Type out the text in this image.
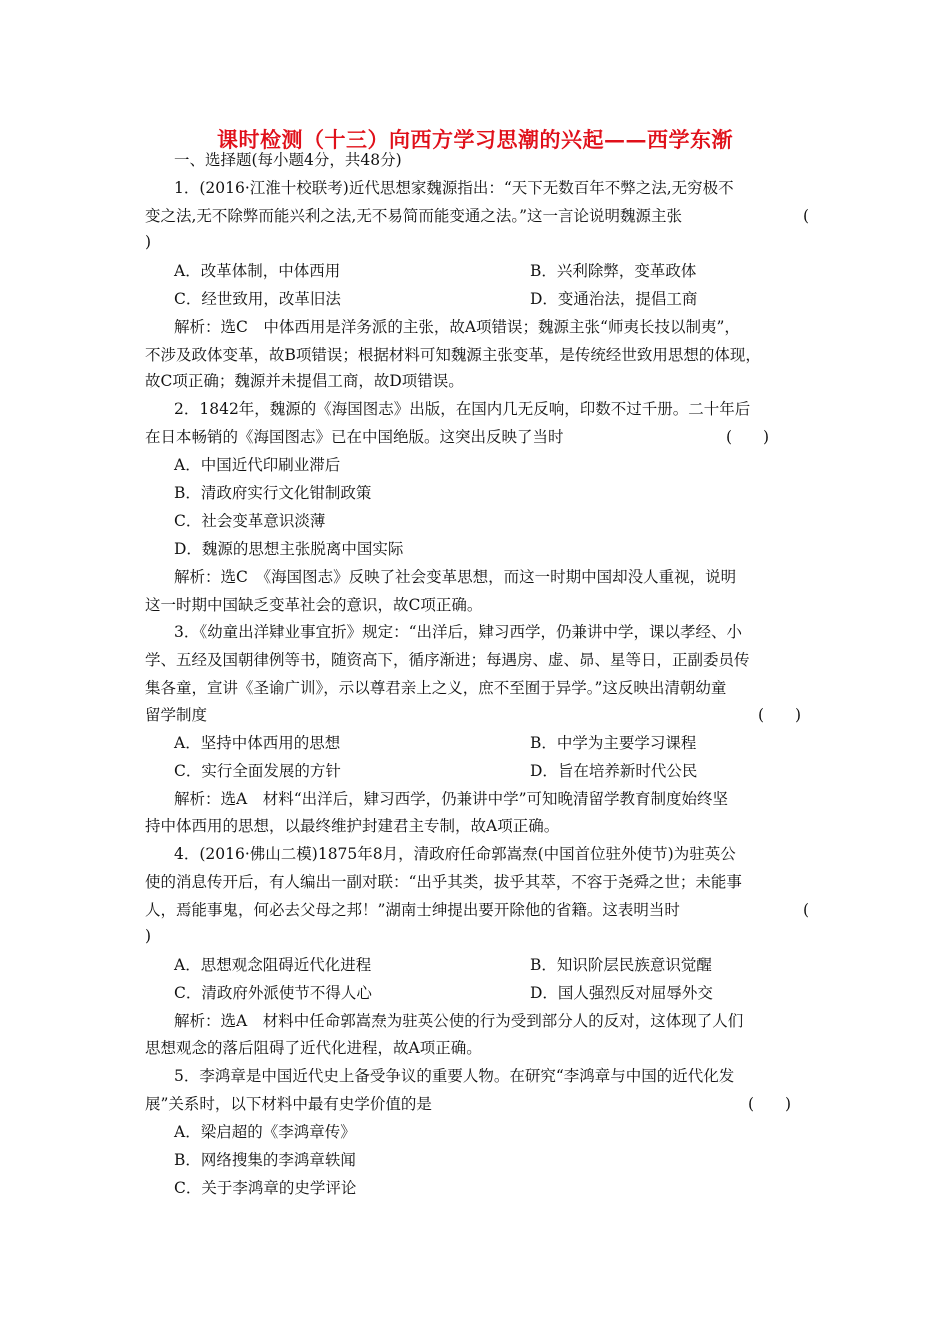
课时检测（十三）向西方学习思潮的兴起——西学东渐
一、选择题(每小题4分，共48分)
1．(2016·江淮十校联考)近代思想家魏源指出：“天下无数百年不弊之法,无穷极不
变之法,无不除弊而能兴利之法,无不易简而能变通之法。”这一言论说明魏源主张	(
)
A．改革体制，中体西用	B．兴利除弊，变革政体
C．经世致用，改革旧法	D．变通治法，提倡工商
解析：选C　中体西用是洋务派的主张，故A项错误；魏源主张“师夷长技以制夷”，
不涉及政体变革，故B项错误；根据材料可知魏源主张变革，是传统经世致用思想的体现，
故C项正确；魏源并未提倡工商，故D项错误。
2．1842年，魏源的《海国图志》出版，在国内几无反响，印数不过千册。二十年后
在日本畅销的《海国图志》已在中国绝版。这突出反映了当时	(　　)
A．中国近代印刷业滞后
B．清政府实行文化钳制政策
C．社会变革意识淡薄
D．魏源的思想主张脱离中国实际
解析：选C　《海国图志》反映了社会变革思想，而这一时期中国却没人重视，说明
这一时期中国缺乏变革社会的意识，故C项正确。
3．《幼童出洋肄业事宜折》规定：“出洋后，肄习西学，仍兼讲中学，课以孝经、小
学、五经及国朝律例等书，随资高下，循序渐进；每遇房、虚、昴、星等日，正副委员传
集各童，宣讲《圣谕广训》，示以尊君亲上之义，庶不至囿于异学。”这反映出清朝幼童
留学制度	(　　)
A．坚持中体西用的思想	B．中学为主要学习课程
C．实行全面发展的方针	D．旨在培养新时代公民
解析：选A　材料“出洋后，肄习西学，仍兼讲中学”可知晚清留学教育制度始终坚
持中体西用的思想，以最终维护封建君主专制，故A项正确。
4．(2016·佛山二模)1875年8月，清政府任命郭嵩焘(中国首位驻外使节)为驻英公
使的消息传开后，有人编出一副对联：“出乎其类，拔乎其萃，不容于尧舜之世；未能事
人，焉能事鬼，何必去父母之邦！”湖南士绅提出要开除他的省籍。这表明当时	(
)
A．思想观念阻碍近代化进程	B．知识阶层民族意识觉醒
C．清政府外派使节不得人心	D．国人强烈反对屈辱外交
解析：选A　材料中任命郭嵩焘为驻英公使的行为受到部分人的反对，这体现了人们
思想观念的落后阻碍了近代化进程，故A项正确。
5．李鸿章是中国近代史上备受争议的重要人物。在研究“李鸿章与中国的近代化发
展”关系时，以下材料中最有史学价值的是	(　　)
A．梁启超的《李鸿章传》
B．网络搜集的李鸿章轶闻
C．关于李鸿章的史学评论
